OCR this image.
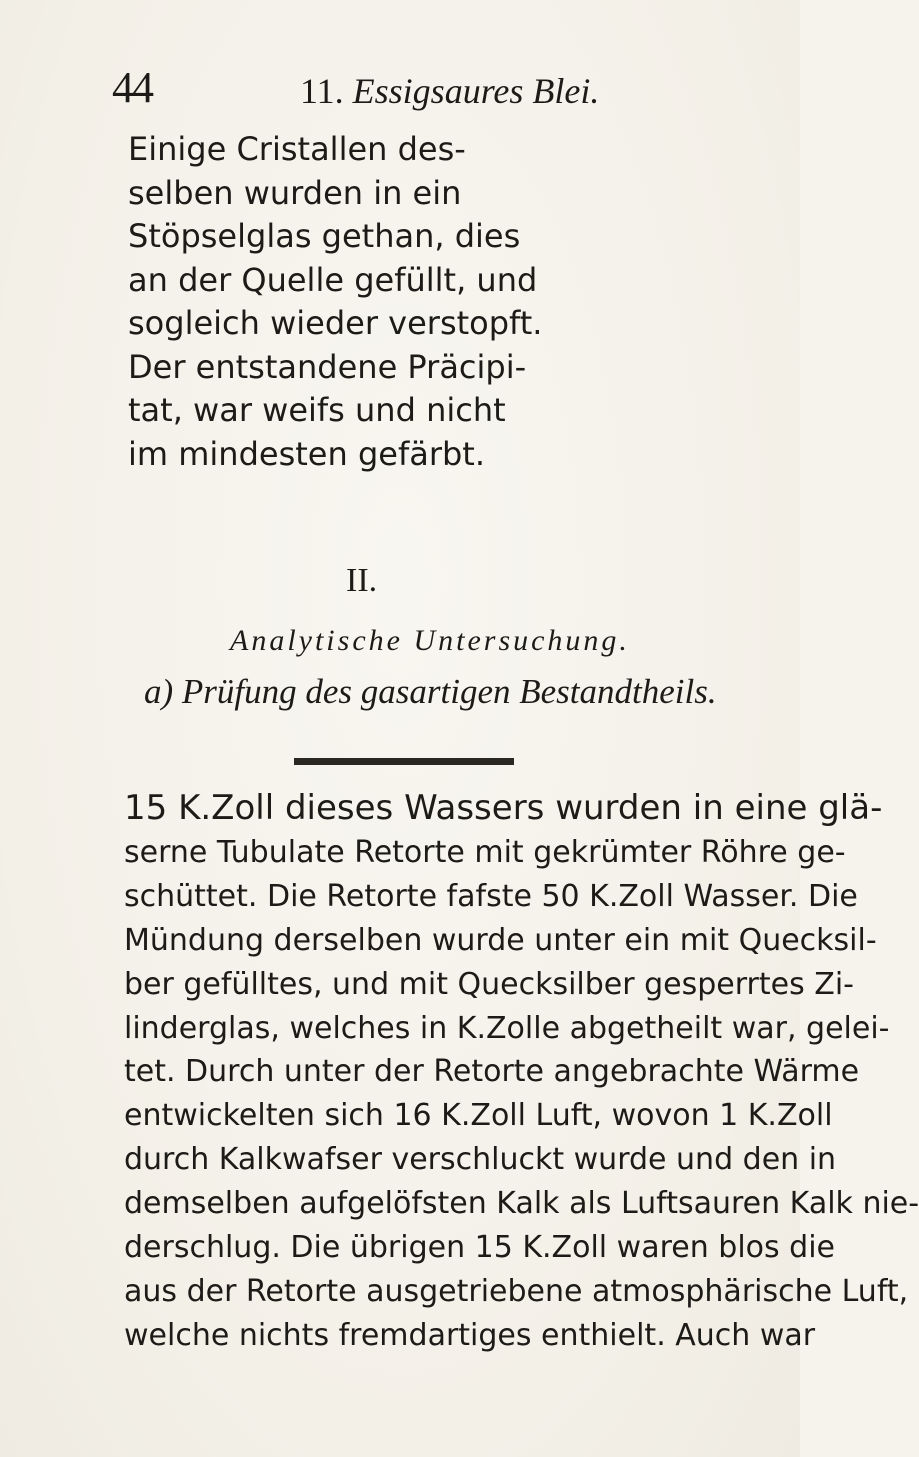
44	11. Essigsaures Blei.
Einige Cristallen des-
selben wurden in ein
Stöpselglas gethan, dies
an der Quelle gefüllt, und
sogleich wieder verstopft.
Der entstandene Präcipi-
tat, war weifs und nicht
im mindesten gefärbt.
II.
Analytische Untersuchung.
a) Prüfung des gasartigen Bestandtheils.
15 K.Zoll dieses Wassers wurden in eine glä-
serne Tubulate Retorte mit gekrümter Röhre ge-
schüttet. Die Retorte fafste 50 K.Zoll Wasser. Die
Mündung derselben wurde unter ein mit Quecksil-
ber gefülltes, und mit Quecksilber gesperrtes Zi-
linderglas, welches in K.Zolle abgetheilt war, gelei-
tet. Durch unter der Retorte angebrachte Wärme
entwickelten sich 16 K.Zoll Luft, wovon 1 K.Zoll
durch Kalkwafser verschluckt wurde und den in
demselben aufgelöfsten Kalk als Luftsauren Kalk nie-
derschlug. Die übrigen 15 K.Zoll waren blos die
aus der Retorte ausgetriebene atmosphärische Luft,
welche nichts fremdartiges enthielt. Auch war
